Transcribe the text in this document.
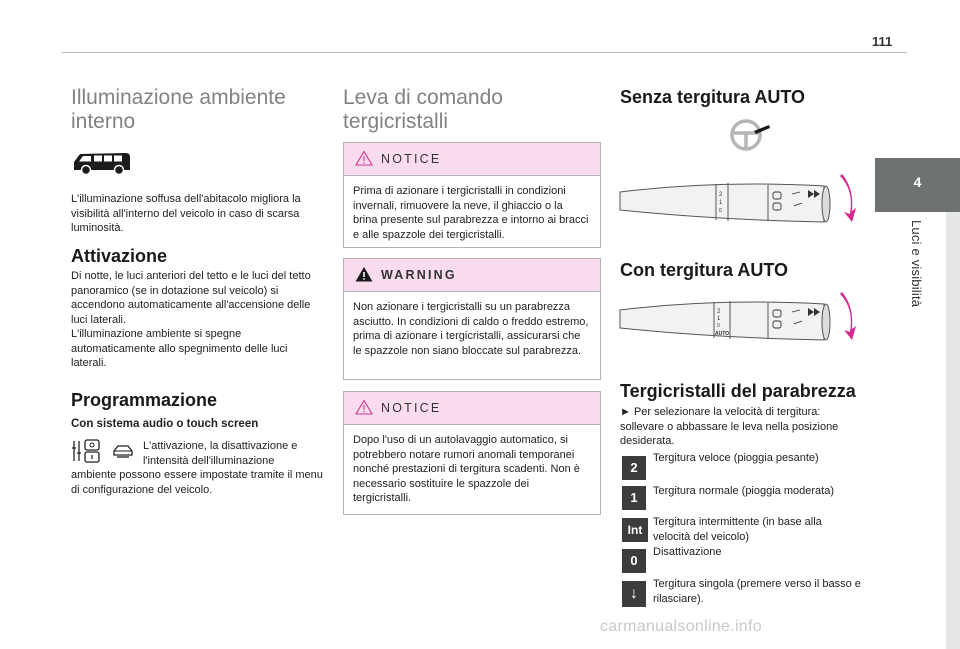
111
4
Luci e visibilità
Illuminazione ambiente
interno
L'illuminazione soffusa dell'abitacolo migliora la visibilità all'interno del veicolo in caso di scarsa luminosità.
Attivazione
Di notte, le luci anteriori del tetto e le luci del tetto panoramico (se in dotazione sul veicolo) si accendono automaticamente all'accensione delle luci laterali.
L'illuminazione ambiente si spegne automaticamente allo spegnimento delle luci laterali.
Programmazione
Con sistema audio o touch screen
L'attivazione, la disattivazione e l'intensità dell'illuminazione
ambiente possono essere impostate tramite il menu di configurazione del veicolo.
Leva di comando
tergicristalli
NOTICE
Prima di azionare i tergicristalli in condizioni invernali, rimuovere la neve, il ghiaccio o la brina presente sul parabrezza e intorno ai bracci e alle spazzole dei tergicristalli.
WARNING
Non azionare i tergicristalli su un parabrezza asciutto. In condizioni di caldo o freddo estremo, prima di azionare i tergicristalli, assicurarsi che le spazzole non siano bloccate sul parabrezza.
NOTICE
Dopo l'uso di un autolavaggio automatico, si potrebbero notare rumori anomali temporanei nonché prestazioni di tergitura scadenti. Non è necessario sostituire le spazzole dei tergicristalli.
Senza tergitura AUTO
2
1
0
Con tergitura AUTO
2
1
0
AUTO
Tergicristalli del parabrezza
► Per selezionare la velocità di tergitura: sollevare o abbassare le leva nella posizione desiderata.
2
Tergitura veloce (pioggia pesante)
1	Tergitura normale (pioggia moderata)
Int
Tergitura intermittente (in base alla velocità del veicolo)
0
Disattivazione
↓
Tergitura singola (premere verso il basso e rilasciare).
carmanualsonline.info
